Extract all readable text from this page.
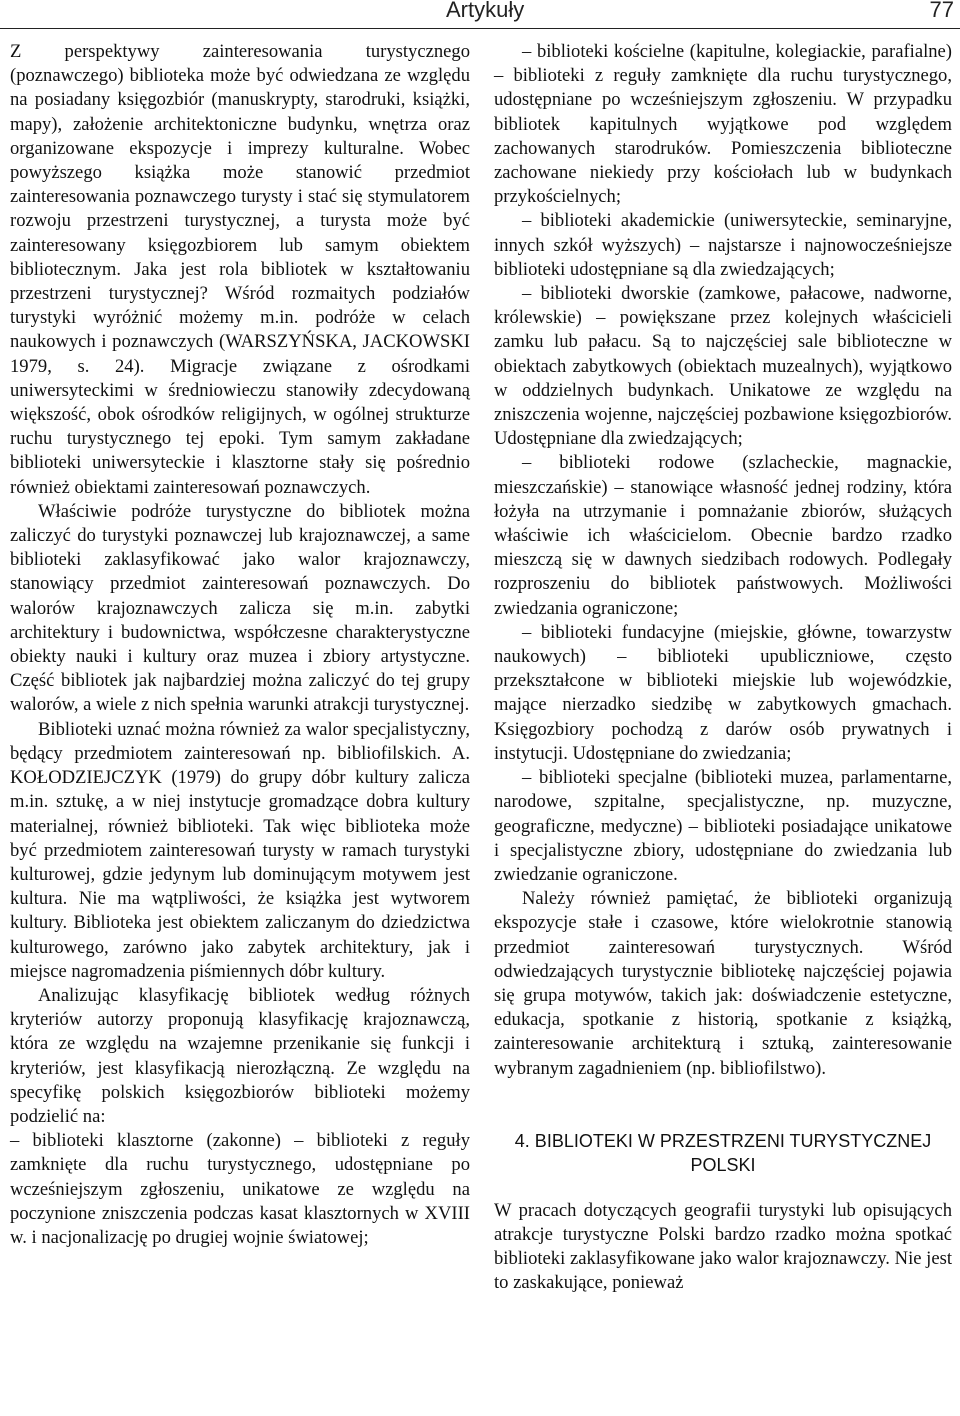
Artykuły	77

Z perspektywy zainteresowania turystycznego (poznawczego) biblioteka może być odwiedzana ze względu na posiadany księgozbiór (manuskrypty, starodruki, książki, mapy), założenie architektoniczne budynku, wnętrza oraz organizowane ekspozycje i imprezy kulturalne. Wobec powyższego książka może stanowić przedmiot zainteresowania poznawczego turysty i stać się stymulatorem rozwoju przestrzeni turystycznej, a turysta może być zainteresowany księgozbiorem lub samym obiektem bibliotecznym. Jaka jest rola bibliotek w kształtowaniu przestrzeni turystycznej? Wśród rozmaitych podziałów turystyki wyróżnić możemy m.in. podróże w celach naukowych i poznawczych (WARSZYŃSKA, JACKOWSKI 1979, s. 24). Migracje związane z ośrodkami uniwersyteckimi w średniowieczu stanowiły zdecydowaną większość, obok ośrodków religijnych, w ogólnej strukturze ruchu turystycznego tej epoki. Tym samym zakładane biblioteki uniwersyteckie i klasztorne stały się pośrednio również obiektami zainteresowań poznawczych.

Właściwie podróże turystyczne do bibliotek można zaliczyć do turystyki poznawczej lub krajoznawczej, a same biblioteki zaklasyfikować jako walor krajoznawczy, stanowiący przedmiot zainteresowań poznawczych. Do walorów krajoznawczych zalicza się m.in. zabytki architektury i budownictwa, współczesne charakterystyczne obiekty nauki i kultury oraz muzea i zbiory artystyczne. Część bibliotek jak najbardziej można zaliczyć do tej grupy walorów, a wiele z nich spełnia warunki atrakcji turystycznej.

Biblioteki uznać można również za walor specjalistyczny, będący przedmiotem zainteresowań np. bibliofilskich. A. KOŁODZIEJCZYK (1979) do grupy dóbr kultury zalicza m.in. sztukę, a w niej instytucje gromadzące dobra kultury materialnej, również biblioteki. Tak więc biblioteka może być przedmiotem zainteresowań turysty w ramach turystyki kulturowej, gdzie jedynym lub dominującym motywem jest kultura. Nie ma wątpliwości, że książka jest wytworem kultury. Biblioteka jest obiektem zaliczanym do dziedzictwa kulturowego, zarówno jako zabytek architektury, jak i miejsce nagromadzenia piśmiennych dóbr kultury.

Analizując klasyfikację bibliotek według różnych kryteriów autorzy proponują klasyfikację krajoznawczą, która ze względu na wzajemne przenikanie się funkcji i kryteriów, jest klasyfikacją nierozłączną. Ze względu na specyfikę polskich księgozbiorów biblioteki możemy podzielić na:

– biblioteki klasztorne (zakonne) – biblioteki z reguły zamknięte dla ruchu turystycznego, udostępniane po wcześniejszym zgłoszeniu, unikatowe ze względu na poczynione zniszczenia podczas kasat klasztornych w XVIII w. i nacjonalizację po drugiej wojnie światowej;

– biblioteki kościelne (kapitulne, kolegiackie, parafialne) – biblioteki z reguły zamknięte dla ruchu turystycznego, udostępniane po wcześniejszym zgłoszeniu. W przypadku bibliotek kapitulnych wyjątkowe pod względem zachowanych starodruków. Pomieszczenia biblioteczne zachowane niekiedy przy kościołach lub w budynkach przykościelnych;

– biblioteki akademickie (uniwersyteckie, seminaryjne, innych szkół wyższych) – najstarsze i najnowocześniejsze biblioteki udostępniane są dla zwiedzających;

– biblioteki dworskie (zamkowe, pałacowe, nadworne, królewskie) – powiększane przez kolejnych właścicieli zamku lub pałacu. Są to najczęściej sale biblioteczne w obiektach zabytkowych (obiektach muzealnych), wyjątkowo w oddzielnych budynkach. Unikatowe ze względu na zniszczenia wojenne, najczęściej pozbawione księgozbiorów. Udostępniane dla zwiedzających;

– biblioteki rodowe (szlacheckie, magnackie, mieszczańskie) – stanowiące własność jednej rodziny, która łożyła na utrzymanie i pomnażanie zbiorów, służących właściwie ich właścicielom. Obecnie bardzo rzadko mieszczą się w dawnych siedzibach rodowych. Podlegały rozproszeniu do bibliotek państwowych. Możliwości zwiedzania ograniczone;

– biblioteki fundacyjne (miejskie, główne, towarzystw naukowych) – biblioteki upubliczniowe, często przekształcone w biblioteki miejskie lub wojewódzkie, mające nierzadko siedzibę w zabytkowych gmachach. Księgozbiory pochodzą z darów osób prywatnych i instytucji. Udostępniane do zwiedzania;

– biblioteki specjalne (biblioteki muzea, parlamentarne, narodowe, szpitalne, specjalistyczne, np. muzyczne, geograficzne, medyczne) – biblioteki posiadające unikatowe i specjalistyczne zbiory, udostępniane do zwiedzania lub zwiedzanie ograniczone.

Należy również pamiętać, że biblioteki organizują ekspozycje stałe i czasowe, które wielokrotnie stanowią przedmiot zainteresowań turystycznych. Wśród odwiedzających turystycznie bibliotekę najczęściej pojawia się grupa motywów, takich jak: doświadczenie estetyczne, edukacja, spotkanie z historią, spotkanie z książką, zainteresowanie architekturą i sztuką, zainteresowanie wybranym zagadnieniem (np. bibliofilstwo).

4. BIBLIOTEKI W PRZESTRZENI TURYSTYCZNEJ POLSKI

W pracach dotyczących geografii turystyki lub opisujących atrakcje turystyczne Polski bardzo rzadko można spotkać biblioteki zaklasyfikowane jako walor krajoznawczy. Nie jest to zaskakujące, ponieważ
